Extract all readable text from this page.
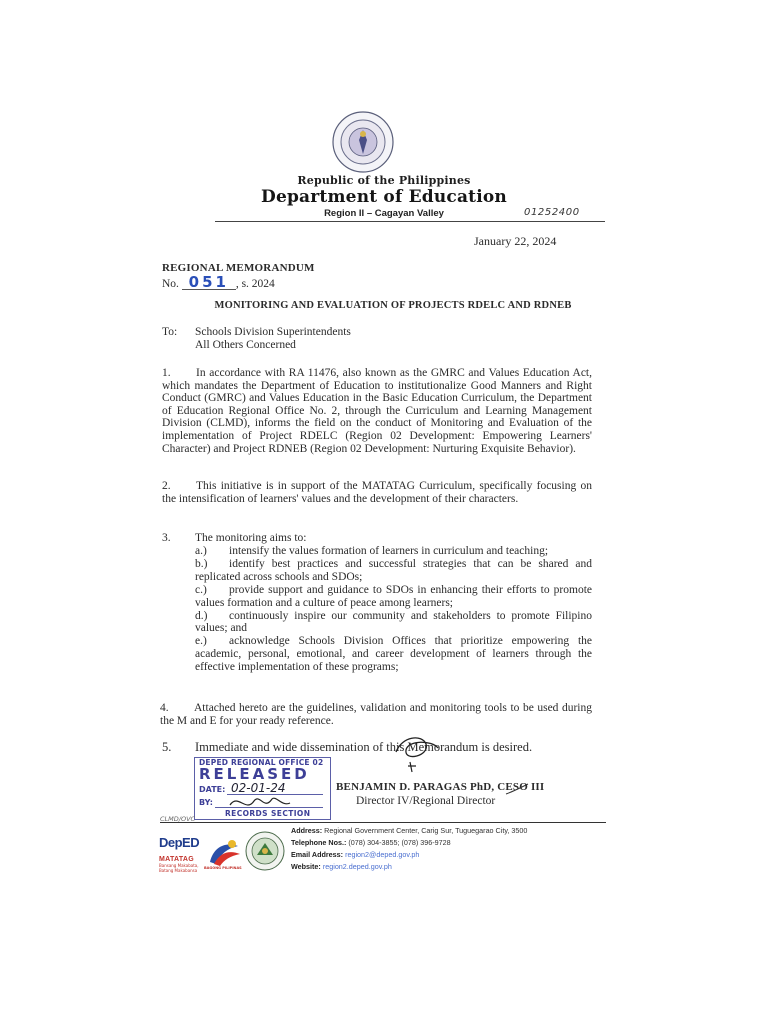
Republic of the Philippines
Department of Education
Region II – Cagayan Valley	01252400
January 22, 2024
REGIONAL MEMORANDUM
No. 051 , s. 2024
MONITORING AND EVALUATION OF PROJECTS RDELC AND RDNEB
To: Schools Division Superintendents
All Others Concerned
1. In accordance with RA 11476, also known as the GMRC and Values Education Act, which mandates the Department of Education to institutionalize Good Manners and Right Conduct (GMRC) and Values Education in the Basic Education Curriculum, the Department of Education Regional Office No. 2, through the Curriculum and Learning Management Division (CLMD), informs the field on the conduct of Monitoring and Evaluation of the implementation of Project RDELC (Region 02 Development: Empowering Learners' Character) and Project RDNEB (Region 02 Development: Nurturing Exquisite Behavior).
2. This initiative is in support of the MATATAG Curriculum, specifically focusing on the intensification of learners' values and the development of their characters.
3. The monitoring aims to:
a.) intensify the values formation of learners in curriculum and teaching;
b.) identify best practices and successful strategies that can be shared and replicated across schools and SDOs;
c.) provide support and guidance to SDOs in enhancing their efforts to promote values formation and a culture of peace among learners;
d.) continuously inspire our community and stakeholders to promote Filipino values; and
e.) acknowledge Schools Division Offices that prioritize empowering the academic, personal, emotional, and career development of learners through the effective implementation of these programs;
4. Attached hereto are the guidelines, validation and monitoring tools to be used during the M and E for your ready reference.
5. Immediate and wide dissemination of this Memorandum is desired.
DEPED REGIONAL OFFICE 02
RELEASED
DATE: 02-01-24
BY:
RECORDS SECTION
BENJAMIN D. PARAGAS PhD, CESO III
Director IV/Regional Director
CLMD/OVC
DepED
MATATAG
Bansang Makabata, Batang Makabansa	BAGONG PILIPINAS
Address: Regional Government Center, Carig Sur, Tuguegarao City, 3500
Telephone Nos.: (078) 304-3855; (078) 396-9728
Email Address: region2@deped.gov.ph
Website: region2.deped.gov.ph
